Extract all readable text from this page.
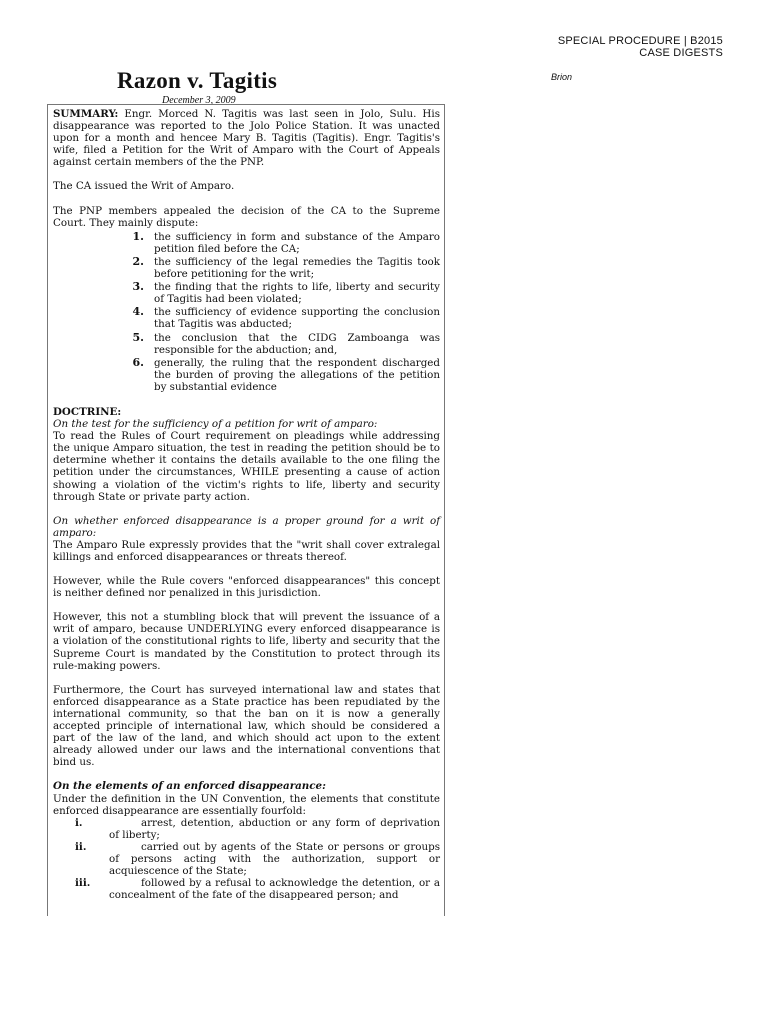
SPECIAL PROCEDURE | B2015
CASE DIGESTS
Brion
Razon v. Tagitis
December 3, 2009

SUMMARY: Engr. Morced N. Tagitis was last seen in Jolo, Sulu. His disappearance was reported to the Jolo Police Station. It was unacted upon for a month and hencee Mary B. Tagitis (Tagitis). Engr. Tagitis's wife, filed a Petition for the Writ of Amparo with the Court of Appeals against certain members of the the PNP.

The CA issued the Writ of Amparo.

The PNP members appealed the decision of the CA to the Supreme Court. They mainly dispute:

1. the sufficiency in form and substance of the Amparo petition filed before the CA;
2. the sufficiency of the legal remedies the Tagitis took before petitioning for the writ;
3. the finding that the rights to life, liberty and security of Tagitis had been violated;
4. the sufficiency of evidence supporting the conclusion that Tagitis was abducted;
5. the conclusion that the CIDG Zamboanga was responsible for the abduction; and,
6. generally, the ruling that the respondent discharged the burden of proving the allegations of the petition by substantial evidence

DOCTRINE:

On the test for the sufficiency of a petition for writ of amparo:

To read the Rules of Court requirement on pleadings while addressing the unique Amparo situation, the test in reading the petition should be to determine whether it contains the details available to the one filing the petition under the circumstances, WHILE presenting a cause of action showing a violation of the victim's rights to life, liberty and security through State or private party action.

On whether enforced disappearance is a proper ground for a writ of amparo:

The Amparo Rule expressly provides that the "writ shall cover extralegal killings and enforced disappearances or threats thereof.

However, while the Rule covers "enforced disappearances" this concept is neither defined nor penalized in this jurisdiction.

However, this not a stumbling block that will prevent the issuance of a writ of amparo, because UNDERLYING every enforced disappearance is a violation of the constitutional rights to life, liberty and security that the Supreme Court is mandated by the Constitution to protect through its rule-making powers.

Furthermore, the Court has surveyed international law and states that enforced disappearance as a State practice has been repudiated by the international community, so that the ban on it is now a generally accepted principle of international law, which should be considered a part of the law of the land, and which should act upon to the extent already allowed under our laws and the international conventions that bind us.

On the elements of an enforced disappearance:

Under the definition in the UN Convention, the elements that constitute enforced disappearance are essentially fourfold:

i.	arrest, detention, abduction or any form of deprivation of liberty;
ii.	carried out by agents of the State or persons or groups of persons acting with the authorization, support or acquiescence of the State;
iii.	followed by a refusal to acknowledge the detention, or a concealment of the fate of the disappeared person; and
